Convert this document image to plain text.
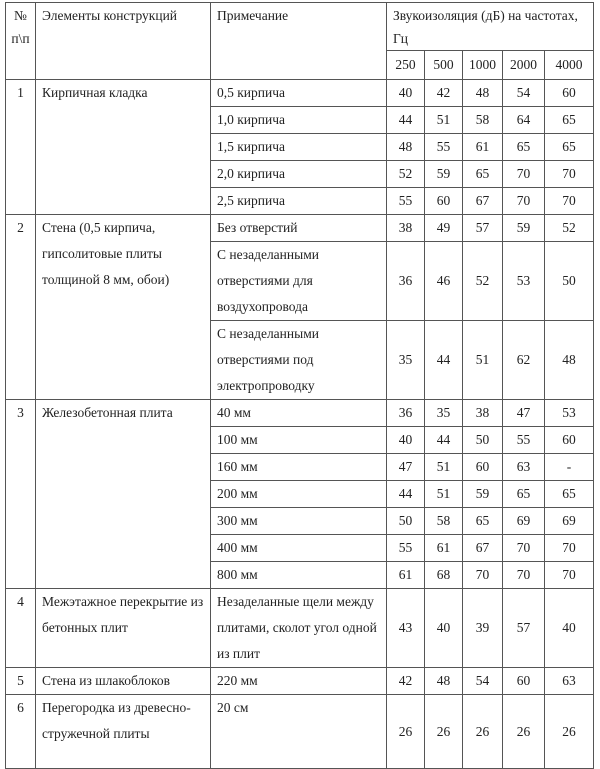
№ п\п	Элементы конструкций	Примечание	Звукоизоляция (дБ) на частотах, Гц				
			250	500	1000	2000	4000
1	Кирпичная кладка	0,5 кирпича	40	42	48	54	60
		1,0 кирпича	44	51	58	64	65
		1,5 кирпича	48	55	61	65	65
		2,0 кирпича	52	59	65	70	70
		2,5 кирпича	55	60	67	70	70
2	Стена (0,5 кирпича, гипсолитовые плиты толщиной 8 мм, обои)	Без отверстий	38	49	57	59	52
		С незаделанными отверстиями для воздухопровода	36	46	52	53	50
		С незаделанными отверстиями под электропроводку	35	44	51	62	48
3	Железобетонная плита	40 мм	36	35	38	47	53
		100 мм	40	44	50	55	60
		160 мм	47	51	60	63	-
		200 мм	44	51	59	65	65
		300 мм	50	58	65	69	69
		400 мм	55	61	67	70	70
		800 мм	61	68	70	70	70
4	Межэтажное перекрытие из бетонных плит	Незаделанные щели между плитами, сколот угол одной из плит	43	40	39	57	40
5	Стена из шлакоблоков	220 мм	42	48	54	60	63
6	Перегородка из древесно-стружечной плиты	20 см	26	26	26	26	26
